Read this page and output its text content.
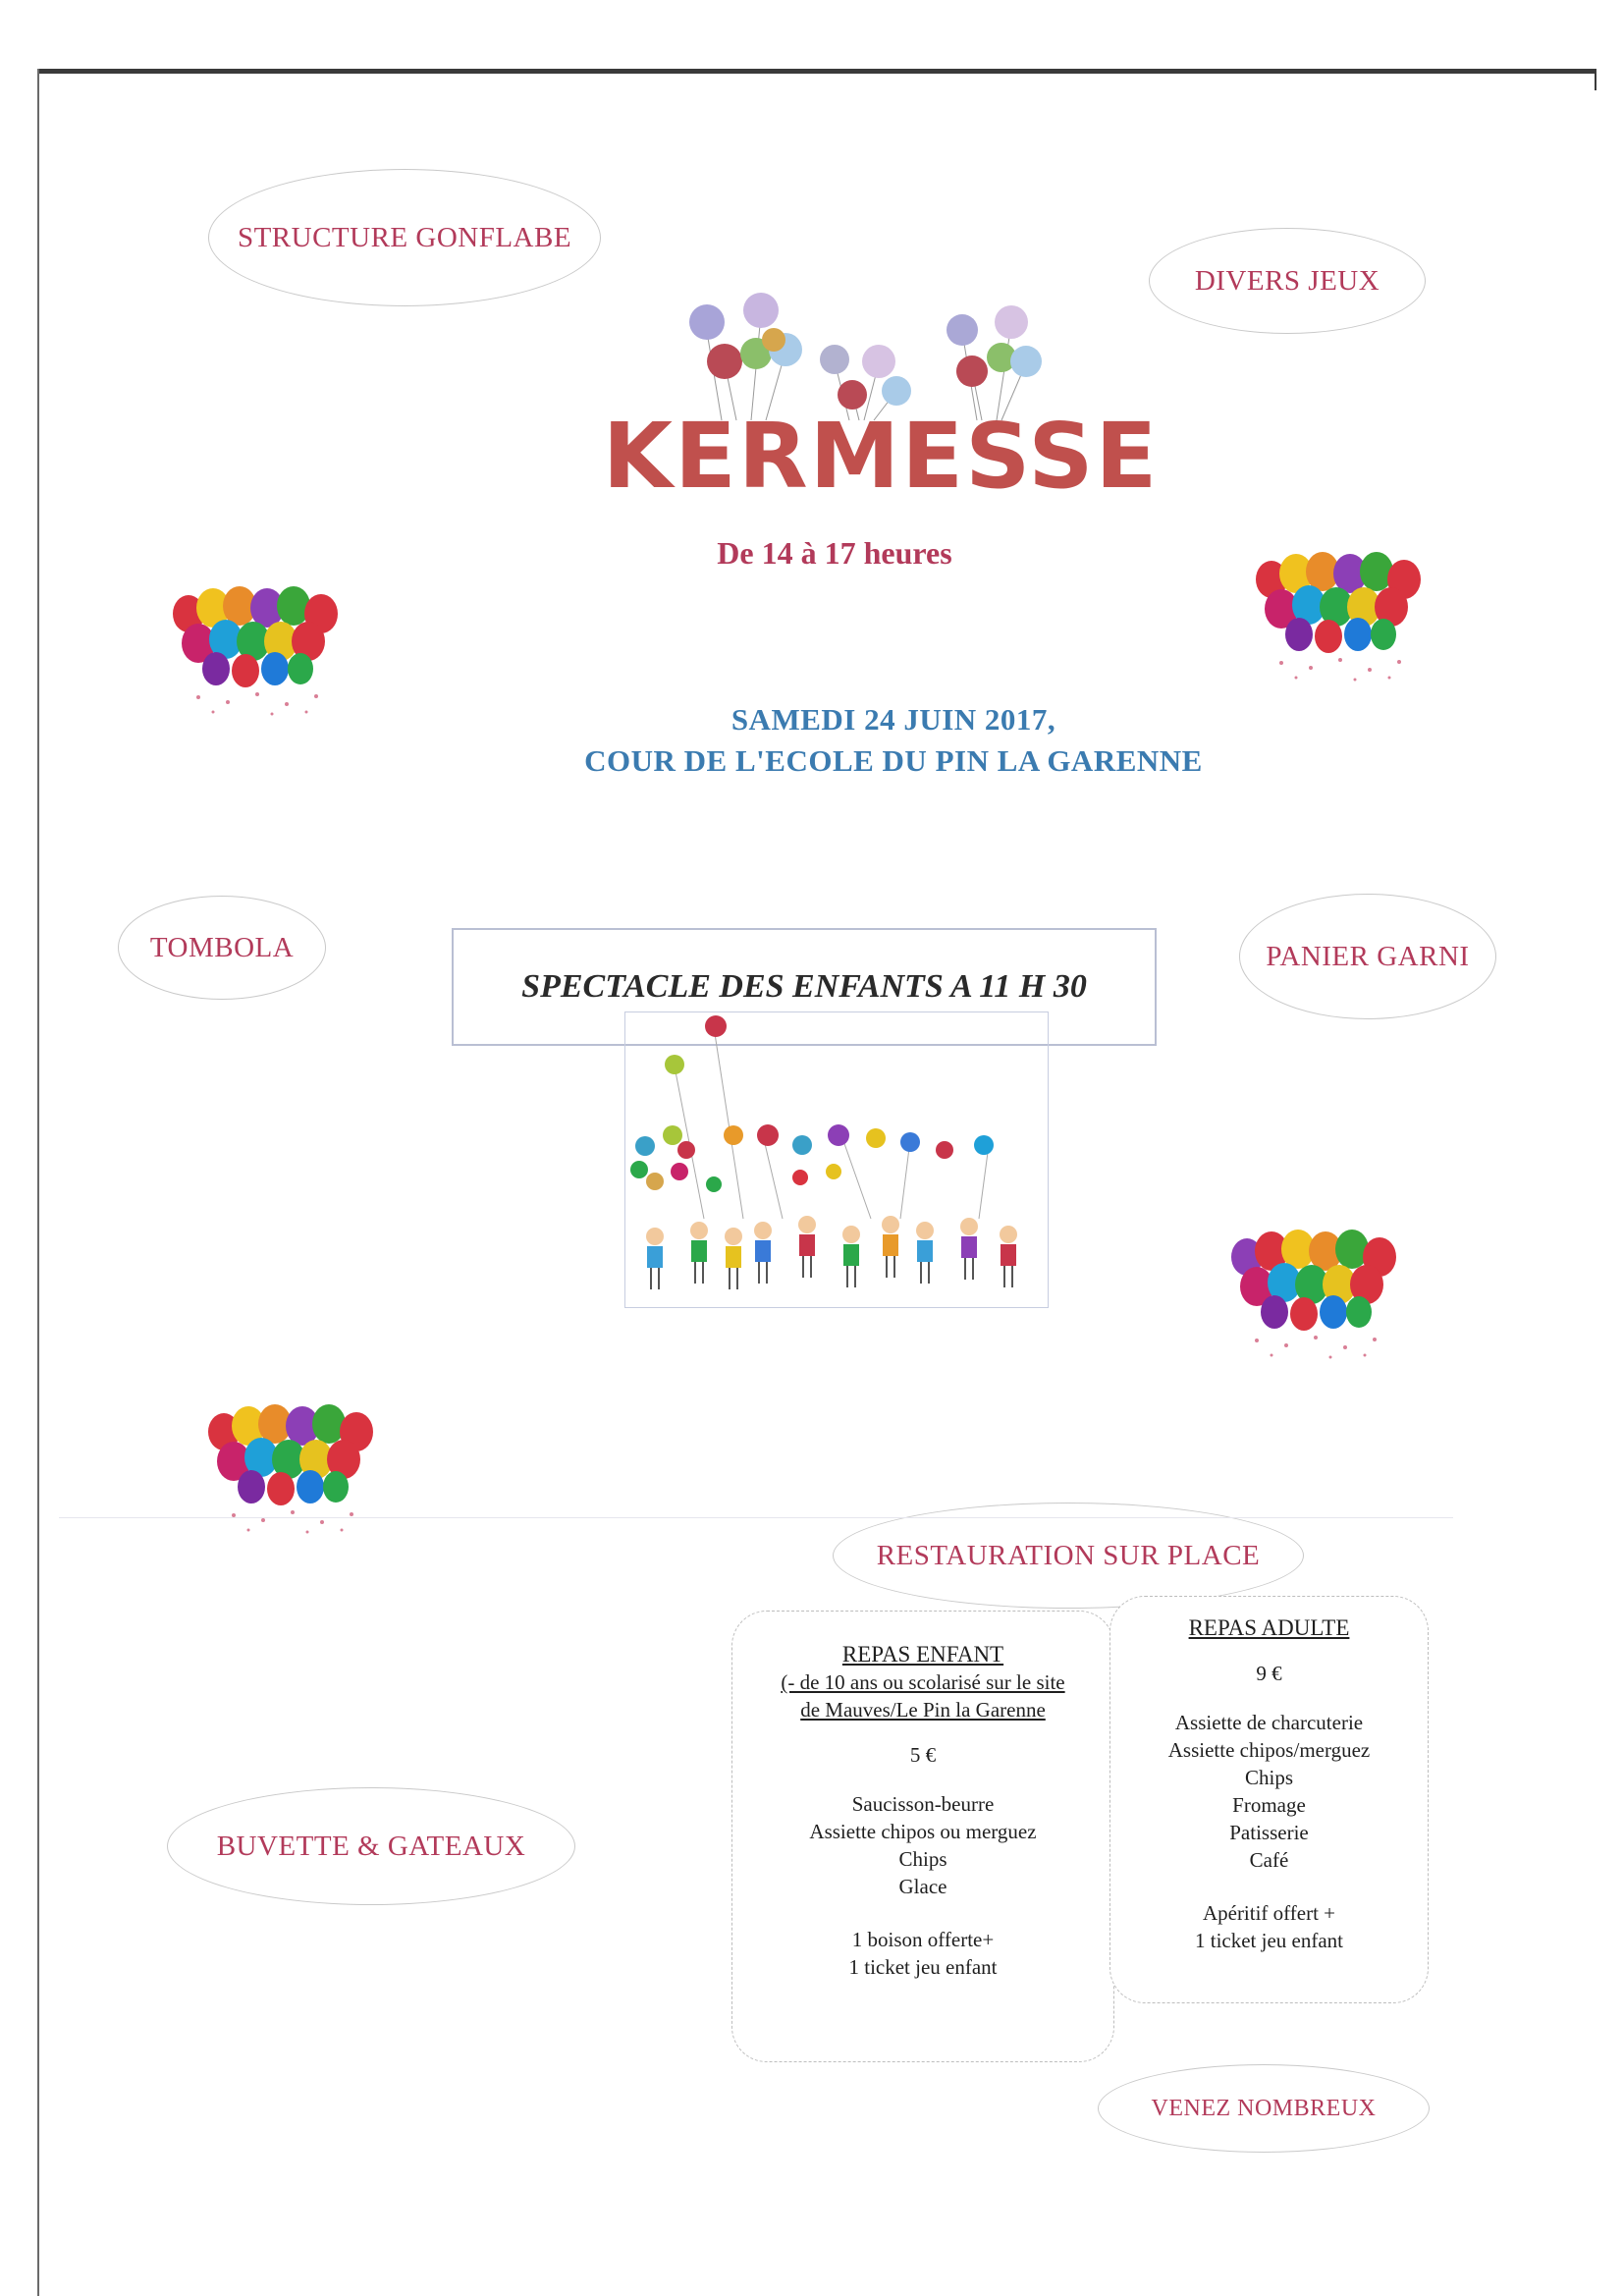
STRUCTURE GONFLABE
DIVERS JEUX
TOMBOLA	PANIER GARNI
BUVETTE & GATEAUX
RESTAURATION SUR PLACE
VENEZ NOMBREUX
KERMESSE
De 14 à 17 heures
SAMEDI 24 JUIN 2017,
COUR DE L'ECOLE DU PIN LA GARENNE
SPECTACLE DES ENFANTS A 11 H 30
REPAS ENFANT
(- de 10 ans ou scolarisé sur le site
de Mauves/Le Pin la Garenne
5 €
Saucisson-beurre
Assiette chipos ou merguez
Chips
Glace
1 boison offerte+
1 ticket jeu enfant
REPAS ADULTE
9 €
Assiette de charcuterie
Assiette chipos/merguez
Chips
Fromage
Patisserie
Café
Apéritif offert +
1 ticket jeu enfant
